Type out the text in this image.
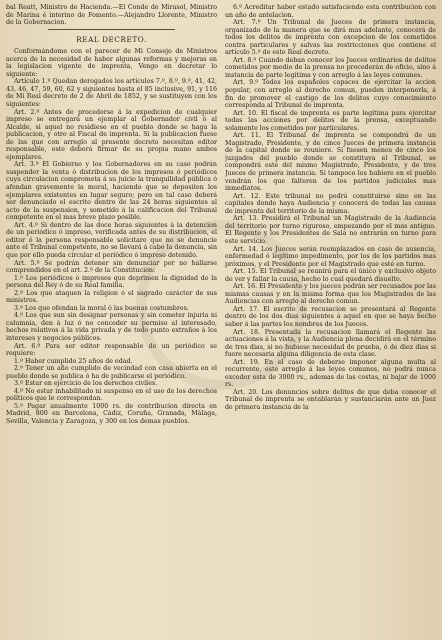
bal Reatt, Ministro de Hacienda.—El Conde de Mirasol, Ministro de Marina é interino de Fomento.—Alejandro Llorente, Ministro de la Gobernacion.

REAL DECRETO.

Conformándome con el parecer de Mi Consejo de Ministros acerca de la necesidad de haber algunas reformas y mejoras en la legislacion vigente de imprenta, Vengo en decretar lo siguiente:

Artículo 1.º Quedan derogados los artículos 7.º, 8.º, 9.º, 41, 42, 43, 46, 47, 59, 60, 62 y siguientes hasta el 85 inclusive, 91, y 116 de Mi Real decreto de 2 de Abril de 1852, y se sustituyen con los siguientes:

Art. 2.º Antes de procederse á la expedicion de cualquier impreso se entregará un ejemplar al Gobernador civil ó al Alcalde, si aquel no residiese en el pueblo donde se haga la publicacion, y otro al Fiscal de imprenta. Si la publicacion fuese de las que con arreglo al presente decreto necesitan editor responsable, este deberá firmar de su propia mano ambos ejemplares.

Art. 3.º El Gobierno y los Gobernadores en su caso podrán suspender la venta ó distribucion de los impresos ó periódicos cuya circulacion comprometa á su juicio la tranquilidad pública ó afendan gravemente la moral, haciendo que se depositen los ejemplares existentes en lugar seguro; pero en tal caso deberá ser denunciado el escrito dentro de las 24 horas siguientes al acto de la suspension, y sometido á la calificacion del Tribunal competente en el mas breve plazo posible.

Art. 4.º Si dentro de las doce horas siguientes á la detencion de un periódico ó impreso, verificada antes de su distribucion, el editor ó la persona responsable solicitare que no se denuncie ante el Tribunal competente, no se llevará á cabo la denuncia, sin que por ello pueda circular el periódico ó impreso detenido.

Art. 5.º Se podrán detener sin denunciar por no hallarse comprendidos en el art. 2.º de la Constitucion:

1.º Los periódicos ó impresos que deprimen la dignidad de la persona del Rey ó de su Real familia.

2.º Los que ataquen la religion ó el sagrado carácter de sus ministros.

3.º Los que ofendan la moral ó las buenas costumbres.

4.º Los que sun sin designar personas y sin cometer injuria ni calumnia, den á luz ó no conceder su permiso al interesado, hechos relativos á la vida privada y de todo punto extraños á los intereses y negocios públicos.

Art. 6.º Para ser editor responsable de un periódico se requiere:

1.º Haber cumplido 25 años de edad.

2.º Tener un año cumplido de vecindad con casa abierta en el pueblo donde se publica ó ha de publicarse el periódico.

3.º Estar en ejercicio de los derechos civiles.

4.º No estar inhabilitado ni suspenso en el uso de los derechos políticos que le correspondan.

5.º Pagar anualmente 1000 rs. de contribucion directa en Madrid, 800 en Barcelona, Cádiz, Coruña, Granada, Málaga, Sevilla, Valencia y Zaragoza, y 300 en los demas pueblos.

6.º Acreditar haber estado satisfaciendo esta contribucion con un año de antelacion.

Art. 7.º Un Tribunal de Jueces de primera instancia, organizado de la manera que se dirá mas adelante, conocerá de todos los delitos de imprenta con excepcion de los cometidos contra particulares y salvas las restricciones que contiene el artículo 5.º de este Real decreto.

Art. 8.º Cuando deban conocer los Jueces ordinarios de delitos cometidos por medio de la prensa no procederán de oficio, sino á instancia de parte legítima y con arreglo á las leyes comunes.

Art. 9.º Todos los españoles capaces de ejercitar la accion popular, con arreglo al derecho comun, pueden interponerla, á fin de promover el castigo de los delitos cuyo conocimiento corresponda al Tribunal de imprenta.

Art. 10. El fiscal de imprenta es parte legítima para ejercitar todas las acciones por delitos de la prensa, exceptuando solamente los cometidos por particulares.

Art. 11. El Tribunal de imprenta se compondrá de un Magistrado, Presidente, y de cinco Jueces de primera instancia de la capital donde se reuniere. Si fuesen menos de cinco los juzgados del pueblo donde se constituya el Tribunal, se compondrá este del mismo Magistrado, Presidente, y de tres Jueces de primera instancia. Si tampoco los hubiere en el pueblo vendrán los que falteren de los partidos judiciales mas inmediatos.

Art. 12. Este tribunal no podrá constituirse sino en las capitales donde haya Audiencia y conocerá de todas las causas de imprenta del territorio de la misma.

Art. 13. Presidirá el Tribunal un Magistrado de la Audiencia del territorio por turno riguroso, empezando por el mas antiguo. El Regente y los Presidentes de Sala no entrarán en turno para este servicio.

Art. 14. Los Jueces serán reemplazados en caso de ausencia, enfermedad ó legítimo impedimento, por los de los partidos mas próximos, y el Presidente por el Magistrado que esté en turno.

Art. 15. El Tribunal se reunirá para el único y exclusivo objeto de ver y fallar la causa, hecho lo cual quedará disuelto.

Art. 16. El Presidente y los jueces podrán ser recusados por las mismas causas y en la misma forma que los Magistrados de las Audiencias con arreglo al derecho comun.

Art. 17. El escrito de recusacion se presentará al Regente dentro de los dos dias siguientes á aquel en que se haya hecho saber á las partes los nombres de los Jueces.

Art. 18. Presentada la recusacion llamará el Regente las actuaciones á la vista, y la Audiencia plena decidirá en el término de tres dias, si no hubiese necesidad de prueba, ó de diez dias si fuere necesaria alguna diligencia de esta clase.

Art. 19. En el caso de deberse imponer alguna multa al recurrente, este arreglo á las leyes comunes, no podrá nunca exceder esta de 3000 rs., ademas de las costas, ni bajar de 1000 rs.

Art. 20. Los denuncios sobre delitos de que deba conocer el Tribunal de imprenta se entablarán y sustanciarán ante un Juez de primera instancia de la
